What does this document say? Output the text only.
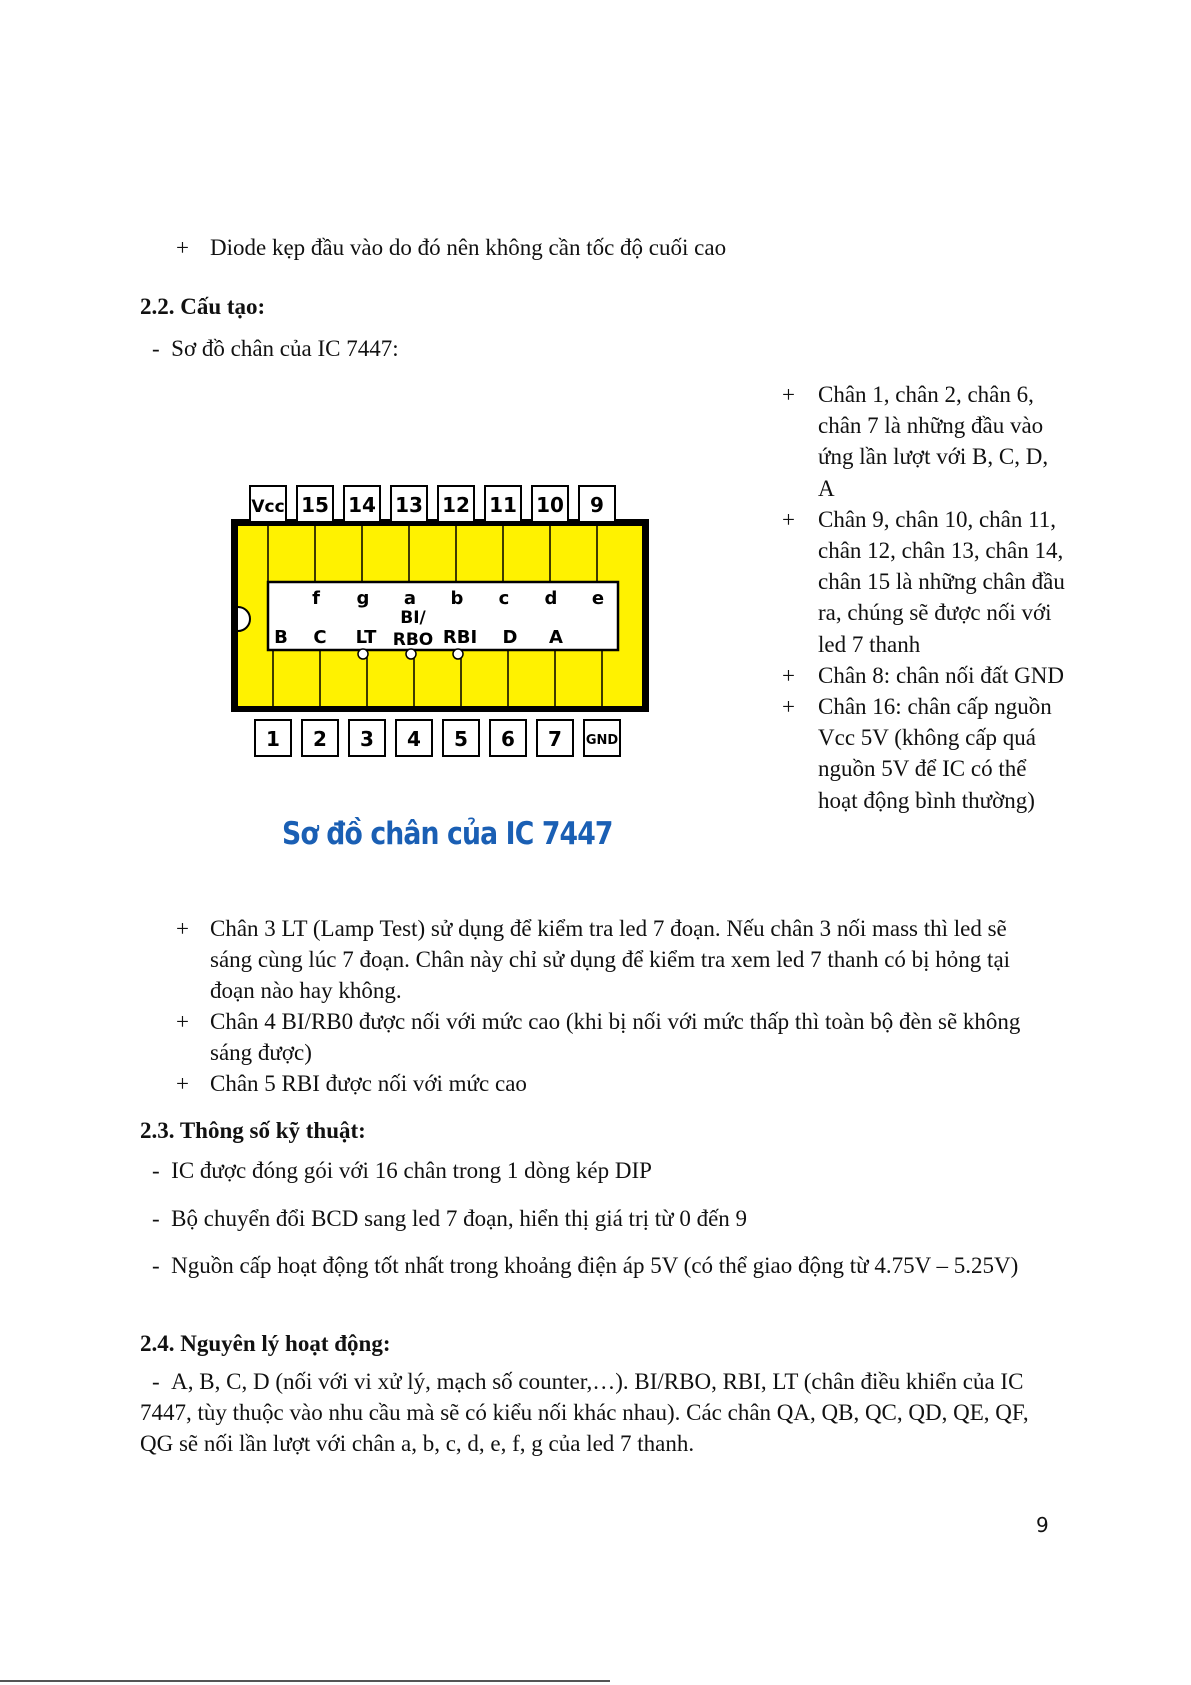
+ Diode kẹp đầu vào do đó nên không cần tốc độ cuối cao
2.2. Cấu tạo:
-  Sơ đồ chân của IC 7447:
+ Chân 1, chân 2, chân 6, chân 7 là những đầu vào ứng lần lượt với B, C, D, A
+ Chân 9, chân 10, chân 11, chân 12, chân 13, chân 14, chân 15 là những chân đầu ra, chúng sẽ được nối với led 7 thanh
+ Chân 8: chân nối đất GND
+ Chân 16: chân cấp nguồn Vcc 5V (không cấp quá nguồn 5V để IC có thể hoạt động bình thường)
Vcc 15 14 13 12 11 10 9
1 2 3 4 5 6 7 GND
f g a b c d e
B C LT
BI/
RBO RBI D A
Sơ đồ chân của IC 7447
+ Chân 3 LT (Lamp Test) sử dụng để kiểm tra led 7 đoạn. Nếu chân 3 nối mass thì led sẽ sáng cùng lúc 7 đoạn. Chân này chỉ sử dụng để kiểm tra xem led 7 thanh có bị hỏng tại đoạn nào hay không.
+ Chân 4 BI/RB0 được nối với mức cao (khi bị nối với mức thấp thì toàn bộ đèn sẽ không sáng được)
+ Chân 5 RBI được nối với mức cao
2.3. Thông số kỹ thuật:
-  IC được đóng gói với 16 chân trong 1 dòng kép DIP
-  Bộ chuyển đổi BCD sang led 7 đoạn, hiển thị giá trị từ 0 đến 9
-  Nguồn cấp hoạt động tốt nhất trong khoảng điện áp 5V (có thể giao động từ 4.75V – 5.25V)
2.4. Nguyên lý hoạt động:
-  A, B, C, D (nối với vi xử lý, mạch số counter,…). BI/RBO, RBI, LT (chân điều khiển của IC 7447, tùy thuộc vào nhu cầu mà sẽ có kiểu nối khác nhau). Các chân QA, QB, QC, QD, QE, QF, QG sẽ nối lần lượt với chân a, b, c, d, e, f, g của led 7 thanh.
9
